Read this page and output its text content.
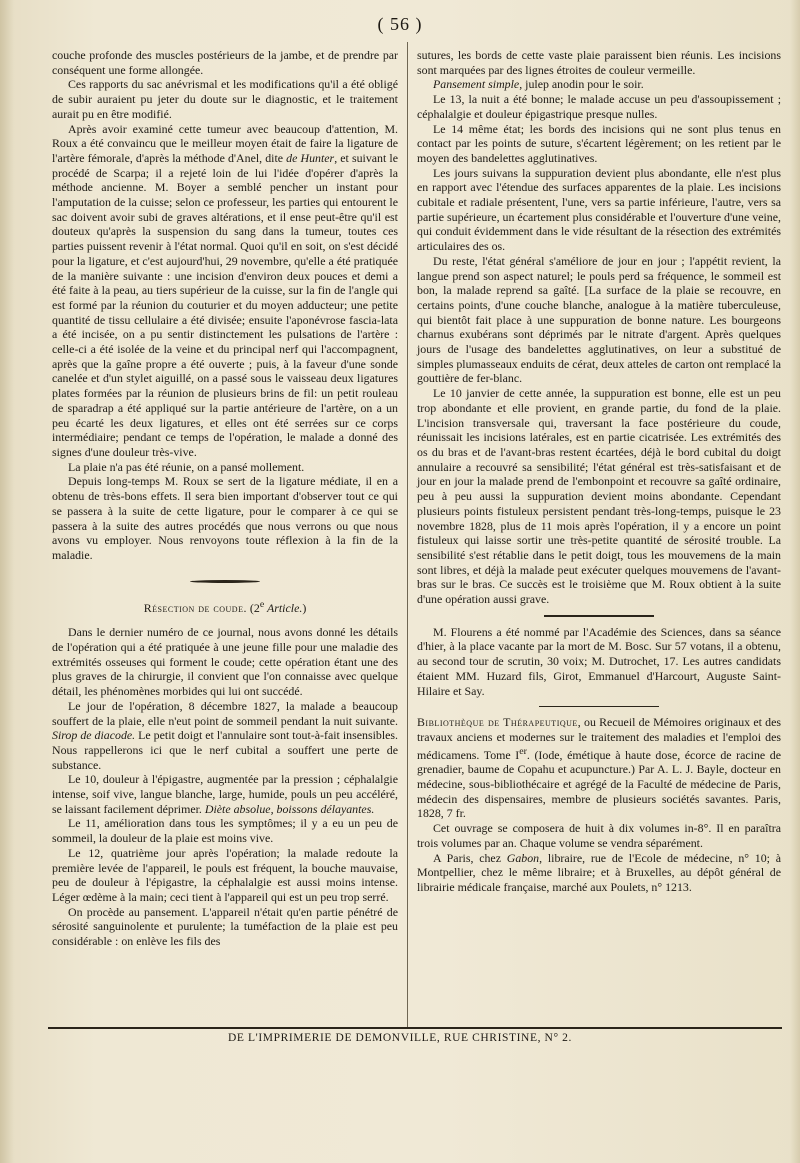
( 56 )

couche profonde des muscles postérieurs de la jambe, et de prendre par conséquent une forme allongée.

Ces rapports du sac anévrismal et les modifications qu'il a été obligé de subir auraient pu jeter du doute sur le diagnostic, et le traitement aurait pu en être modifié.

Après avoir examiné cette tumeur avec beaucoup d'attention, M. Roux a été convaincu que le meilleur moyen était de faire la ligature de l'artère fémorale, d'après la méthode d'Anel, dite de Hunter, et suivant le procédé de Scarpa; il a rejeté loin de lui l'idée d'opérer d'après la méthode ancienne. M. Boyer a semblé pencher un instant pour l'amputation de la cuisse; selon ce professeur, les parties qui entourent le sac doivent avoir subi de graves altérations, et il ense peut-être qu'il est douteux qu'après la suspension du sang dans la tumeur, toutes ces parties puissent revenir à l'état normal. Quoi qu'il en soit, on s'est décidé pour la ligature, et c'est aujourd'hui, 29 novembre, qu'elle a été pratiquée de la manière suivante : une incision d'environ deux pouces et demi a été faite à la peau, au tiers supérieur de la cuisse, sur la fin de l'angle qui est formé par la réunion du couturier et du moyen adducteur; une petite quantité de tissu cellulaire a été divisée; ensuite l'aponévrose fascia-lata a été incisée, on a pu sentir distinctement les pulsations de l'artère : celle-ci a été isolée de la veine et du principal nerf qui l'accompagnent, après que la gaîne propre a été ouverte ; puis, à la faveur d'une sonde canelée et d'un stylet aiguillé, on a passé sous le vaisseau deux ligatures plates formées par la réunion de plusieurs brins de fil: un petit rouleau de sparadrap a été appliqué sur la partie antérieure de l'artère, on a un peu écarté les deux ligatures, et elles ont été serrées sur ce corps intermédiaire; pendant ce temps de l'opération, le malade a donné des signes d'une douleur très-vive.

La plaie n'a pas été réunie, on a pansé mollement.

Depuis long-temps M. Roux se sert de la ligature médiate, il en a obtenu de très-bons effets. Il sera bien important d'observer tout ce qui se passera à la suite de cette ligature, pour le comparer à ce qui se passera à la suite des autres procédés que nous verrons ou que nous avons vu employer. Nous renvoyons toute réflexion à la fin de la maladie.

Résection de coude. (2e Article.)

Dans le dernier numéro de ce journal, nous avons donné les détails de l'opération qui a été pratiquée à une jeune fille pour une maladie des extrémités osseuses qui forment le coude; cette opération étant une des plus graves de la chirurgie, il convient que l'on connaisse avec quelque détail, les phénomènes morbides qui lui ont succédé.

Le jour de l'opération, 8 décembre 1827, la malade a beaucoup souffert de la plaie, elle n'eut point de sommeil pendant la nuit suivante. Sirop de diacode. Le petit doigt et l'annulaire sont tout-à-fait insensibles. Nous rappellerons ici que le nerf cubital a souffert une perte de substance.

Le 10, douleur à l'épigastre, augmentée par la pression ; céphalalgie intense, soif vive, langue blanche, large, humide, pouls un peu accéléré, se laissant facilement déprimer. Diète absolue, boissons délayantes.

Le 11, amélioration dans tous les symptômes; il y a eu un peu de sommeil, la douleur de la plaie est moins vive.

Le 12, quatrième jour après l'opération; la malade redoute la première levée de l'appareil, le pouls est fréquent, la bouche mauvaise, peu de douleur à l'épigastre, la céphalalgie est aussi moins intense. Léger œdème à la main; ceci tient à l'appareil qui est un peu trop serré.

On procède au pansement. L'appareil n'était qu'en partie pénétré de sérosité sanguinolente et purulente; la tuméfaction de la plaie est peu considérable : on enlève les fils des

sutures, les bords de cette vaste plaie paraissent bien réunis. Les incisions sont marquées par des lignes étroites de couleur vermeille.

Pansement simple, julep anodin pour le soir.

Le 13, la nuit a été bonne; le malade accuse un peu d'assoupissement ; céphalalgie et douleur épigastrique presque nulles.

Le 14 même état; les bords des incisions qui ne sont plus tenus en contact par les points de suture, s'écartent légèrement; on les retient par le moyen des bandelettes agglutinatives.

Les jours suivans la suppuration devient plus abondante, elle n'est plus en rapport avec l'étendue des surfaces apparentes de la plaie. Les incisions cubitale et radiale présentent, l'une, vers sa partie inférieure, l'autre, vers sa partie supérieure, un écartement plus considérable et l'ouverture d'une veine, qui conduit évidemment dans le vide résultant de la résection des extrémités articulaires des os.

Du reste, l'état général s'améliore de jour en jour ; l'appétit revient, la langue prend son aspect naturel; le pouls perd sa fréquence, le sommeil est bon, la malade reprend sa gaîté. [La surface de la plaie se recouvre, en certains points, d'une couche blanche, analogue à la matière tuberculeuse, qui bientôt fait place à une suppuration de bonne nature. Les bourgeons charnus exubérans sont déprimés par le nitrate d'argent. Après quelques jours de l'usage des bandelettes agglutinatives, on leur a substitué de simples plumasseaux enduits de cérat, deux atteles de carton ont remplacé la gouttière de fer-blanc.

Le 10 janvier de cette année, la suppuration est bonne, elle est un peu trop abondante et elle provient, en grande partie, du fond de la plaie. L'incision transversale qui, traversant la face postérieure du coude, réunissait les incisions latérales, est en partie cicatrisée. Les extrémités des os du bras et de l'avant-bras restent écartées, déjà le bord cubital du doigt annulaire a recouvré sa sensibilité; l'état général est très-satisfaisant et de jour en jour la malade prend de l'embonpoint et recouvre sa gaîté ordinaire, peu à peu aussi la suppuration devient moins abondante. Cependant plusieurs points fistuleux persistent pendant très-long-temps, puisque le 23 novembre 1828, plus de 11 mois après l'opération, il y a encore un point fistuleux qui laisse sortir une très-petite quantité de sérosité trouble. La sensibilité s'est rétablie dans le petit doigt, tous les mouvemens de la main sont libres, et déjà la malade peut exécuter quelques mouvemens de l'avant-bras sur le bras. Ce succès est le troisième que M. Roux obtient à la suite d'une opération aussi grave.

M. Flourens a été nommé par l'Académie des Sciences, dans sa séance d'hier, à la place vacante par la mort de M. Bosc. Sur 57 votans, il a obtenu, au second tour de scrutin, 30 voix; M. Dutrochet, 17. Les autres candidats étaient MM. Huzard fils, Girot, Emmanuel d'Harcourt, Auguste Saint-Hilaire et Say.

Bibliothèque de Thérapeutique, ou Recueil de Mémoires originaux et des travaux anciens et modernes sur le traitement des maladies et l'emploi des médicamens. Tome Ier. (Iode, émétique à haute dose, écorce de racine de grenadier, baume de Copahu et acupuncture.) Par A. L. J. Bayle, docteur en médecine, sous-bibliothécaire et agrégé de la Faculté de médecine de Paris, médecin des dispensaires, membre de plusieurs sociétés savantes. Paris, 1828, 7 fr.

Cet ouvrage se composera de huit à dix volumes in-8°. Il en paraîtra trois volumes par an. Chaque volume se vendra séparément.

A Paris, chez Gabon, libraire, rue de l'Ecole de médecine, n° 10; à Montpellier, chez le même libraire; et à Bruxelles, au dépôt général de librairie médicale française, marché aux Poulets, n° 1213.

DE L'IMPRIMERIE DE DEMONVILLE, RUE CHRISTINE, N° 2.
